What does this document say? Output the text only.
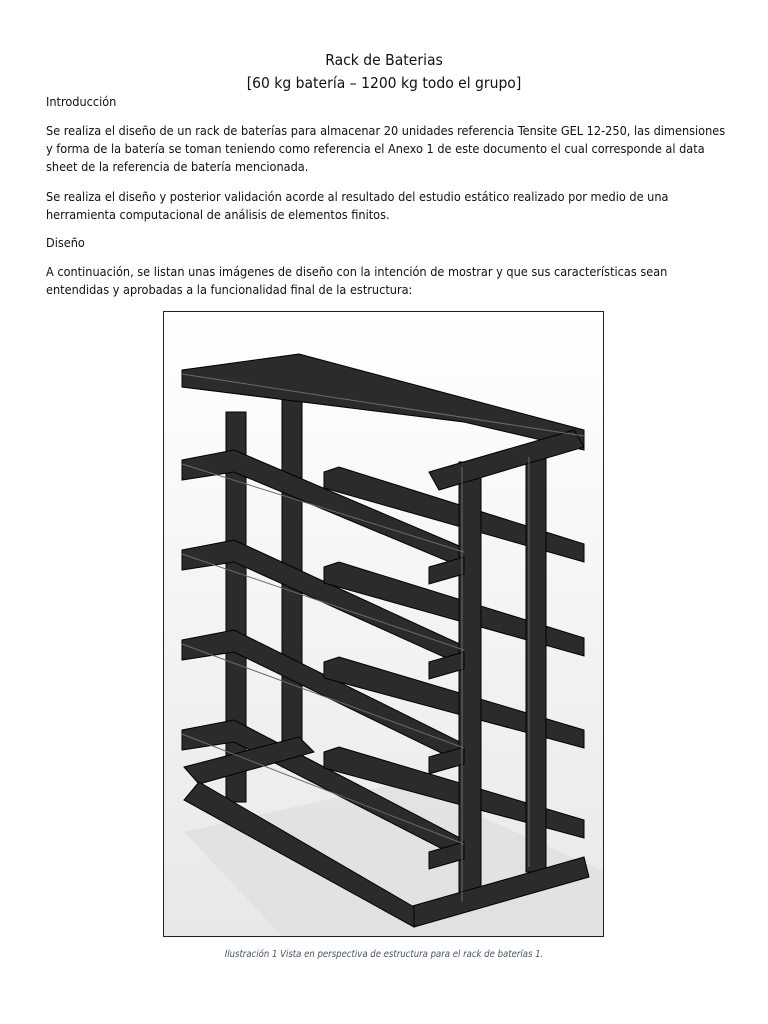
Rack de Baterias
[60 kg batería – 1200 kg todo el grupo]

Introducción

Se realiza el diseño de un rack de baterías para almacenar 20 unidades referencia Tensite GEL 12-250, las dimensiones y forma de la batería se toman teniendo como referencia el Anexo 1 de este documento el cual corresponde al data sheet de la referencia de batería mencionada.

Se realiza el diseño y posterior validación acorde al resultado del estudio estático realizado por medio de una herramienta computacional de análisis de elementos finitos.

Diseño

A continuación, se listan unas imágenes de diseño con la intención de mostrar y que sus características sean entendidas y aprobadas a la funcionalidad final de la estructura:

Ilustración 1 Vista en perspectiva de estructura para el rack de baterías 1.
